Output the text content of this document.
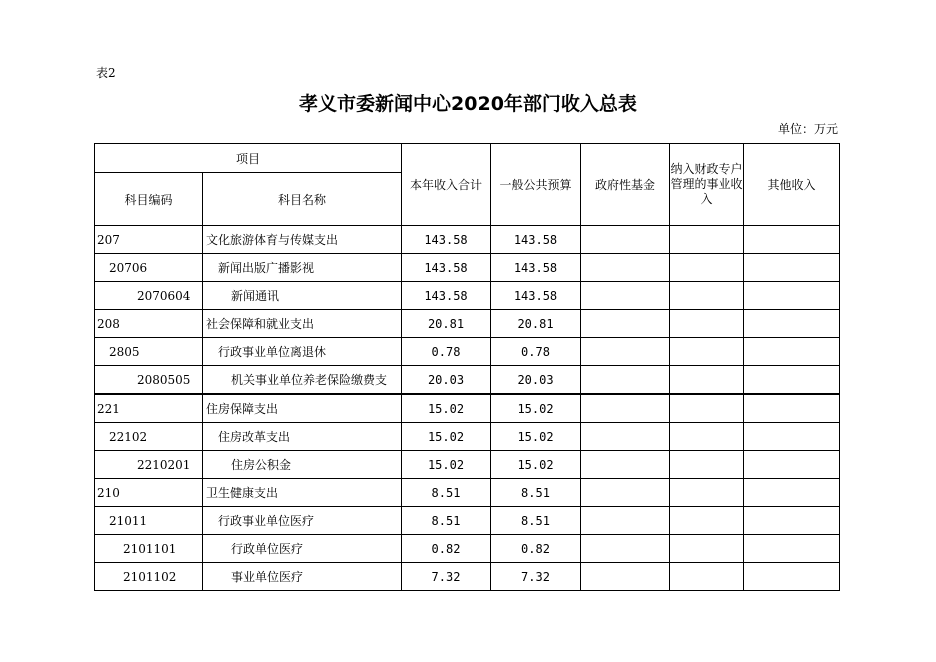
表2
孝义市委新闻中心2020年部门收入总表
单位：万元
项目		本年收入合计	一般公共预算	政府性基金	纳入财政专户管理的事业收入	其他收入
科目编码	科目名称					
207	文化旅游体育与传媒支出	143.58	143.58			
20706	新闻出版广播影视	143.58	143.58			
2070604	新闻通讯	143.58	143.58			
208	社会保障和就业支出	20.81	20.81			
2805	行政事业单位离退休	0.78	0.78			
2080505	机关事业单位养老保险缴费支	20.03	20.03			
221	住房保障支出	15.02	15.02			
22102	住房改革支出	15.02	15.02			
2210201	住房公积金	15.02	15.02			
210	卫生健康支出	8.51	8.51			
21011	行政事业单位医疗	8.51	8.51			
2101101	行政单位医疗	0.82	0.82			
2101102	事业单位医疗	7.32	7.32			
